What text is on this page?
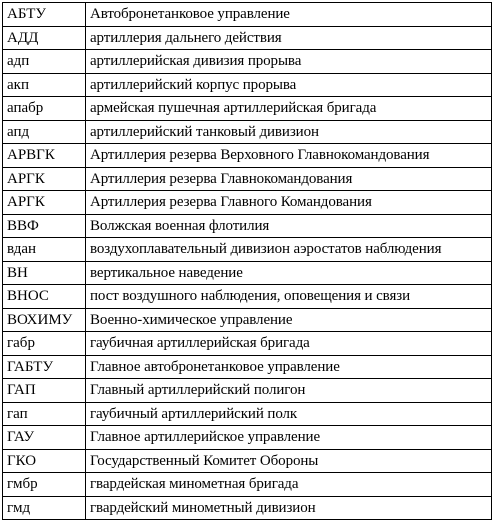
АБТУ	Автобронетанковое управление
АДД	артиллерия дальнего действия
адп	артиллерийская дивизия прорыва
акп	артиллерийский корпус прорыва
апабр	армейская пушечная артиллерийская бригада
апд	артиллерийский танковый дивизион
АРВГК	Артиллерия резерва Верховного Главнокомандования
АРГК	Артиллерия резерва Главнокомандования
АРГК	Артиллерия резерва Главного Командования
ВВФ	Волжская военная флотилия
вдан	воздухоплавательный дивизион аэростатов наблюдения
ВН	вертикальное наведение
ВНОС	пост воздушного наблюдения, оповещения и связи
ВОХИМУ	Военно-химическое управление
габр	гаубичная артиллерийская бригада
ГАБТУ	Главное автобронетанковое управление
ГАП	Главный артиллерийский полигон
гап	гаубичный артиллерийский полк
ГАУ	Главное артиллерийское управление
ГКО	Государственный Комитет Обороны
гмбр	гвардейская минометная бригада
гмд	гвардейский минометный дивизион
